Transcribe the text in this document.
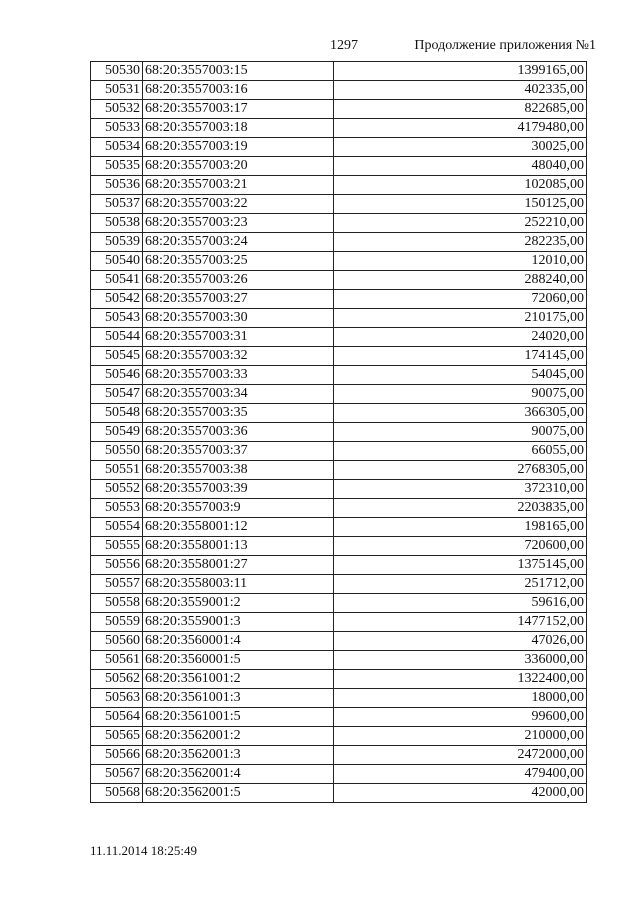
1297	Продолжение приложения №1
50530	68:20:3557003:15	1399165,00
50531	68:20:3557003:16	402335,00
50532	68:20:3557003:17	822685,00
50533	68:20:3557003:18	4179480,00
50534	68:20:3557003:19	30025,00
50535	68:20:3557003:20	48040,00
50536	68:20:3557003:21	102085,00
50537	68:20:3557003:22	150125,00
50538	68:20:3557003:23	252210,00
50539	68:20:3557003:24	282235,00
50540	68:20:3557003:25	12010,00
50541	68:20:3557003:26	288240,00
50542	68:20:3557003:27	72060,00
50543	68:20:3557003:30	210175,00
50544	68:20:3557003:31	24020,00
50545	68:20:3557003:32	174145,00
50546	68:20:3557003:33	54045,00
50547	68:20:3557003:34	90075,00
50548	68:20:3557003:35	366305,00
50549	68:20:3557003:36	90075,00
50550	68:20:3557003:37	66055,00
50551	68:20:3557003:38	2768305,00
50552	68:20:3557003:39	372310,00
50553	68:20:3557003:9	2203835,00
50554	68:20:3558001:12	198165,00
50555	68:20:3558001:13	720600,00
50556	68:20:3558001:27	1375145,00
50557	68:20:3558003:11	251712,00
50558	68:20:3559001:2	59616,00
50559	68:20:3559001:3	1477152,00
50560	68:20:3560001:4	47026,00
50561	68:20:3560001:5	336000,00
50562	68:20:3561001:2	1322400,00
50563	68:20:3561001:3	18000,00
50564	68:20:3561001:5	99600,00
50565	68:20:3562001:2	210000,00
50566	68:20:3562001:3	2472000,00
50567	68:20:3562001:4	479400,00
50568	68:20:3562001:5	42000,00
11.11.2014 18:25:49
